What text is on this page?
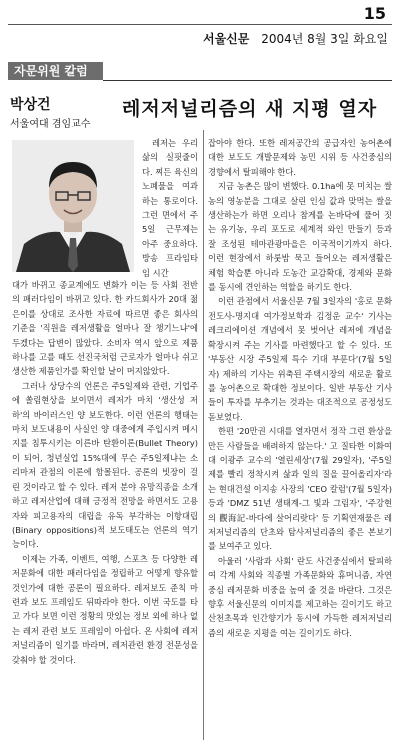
15
서울신문 2004년 8월 3일 화요일
자문위원 칼럼
박상건
서울여대 겸임교수
레저저널리즘의 새 지평 열자

레저는 우리 삶의 실핏줄이다. 찌든 육신의 노폐물을 여과하는 통로이다. 그런 면에서 주5일 근무제는 아주 중요하다. 방송 프라임타임 시간

대가 바뀌고 종교계에도 변화가 이는 등 사회 전반의 패러다임이 바뀌고 있다. 한 카드회사가 20대 젊은이를 상대로 조사한 자료에 따르면 좋은 회사의 기준을 '직원을 레저생활을 얼마나 잘 챙기느냐'에 두겠다는 답변이 많았다. 소비자 역시 앞으로 제품 하나를 고를 때도 선진국처럼 근로자가 얼마나 쉬고 생산한 제품인가를 확인할 날이 머지않았다.

그러나 상당수의 언론은 주5일제와 관련, 기업주에 쏠림현상을 보이면서 레저가 마치 '생산성 저하'의 바이러스인 양 보도한다. 이런 언론의 행태는 마치 보도내용이 사실인 양 대중에게 주입시켜 메시지를 침투시키는 이른바 탄환이론(Bullet Theory)이 되어, 청년실업 15%대에 무슨 주5일제냐는 소리마저 관점의 이론에 함몰된다. 공론의 빗장이 걸린 것이라고 할 수 있다. 레저 분야 유망직종을 소개하고 레저산업에 대해 긍정적 전망을 하면서도 고용자와 피고용자의 대립을 유독 부각하는 이항대립(Binary oppositions)적 보도태도는 언론의 역기능이다.

이제는 가족, 이벤트, 여행, 스포츠 등 다양한 레저문화에 대한 패러다임을 정립하고 어떻게 향유할 것인가에 대한 공론이 필요하다. 레저보도 준칙 마련과 보도 프레임도 뒤따라야 한다. 이번 국도를 타고 가다 보면 이런 정황의 맛있는 정보 외에 하나 없는 레저 관련 보도 프레임이 아쉽다. 온 사회에 레저저널리즘이 일기를 바라며, 레저관련 환경 전문성을 갖춰야 할 것이다.

잡아야 한다. 또한 레저공간의 공급자인 농어촌에 대한 보도도 개발문제와 농민 시위 등 사건중심의 경향에서 탈피해야 한다.

지금 농촌은 많이 변했다. 0.1ha에 못 미치는 쌀농의 영농분을 그대로 살린 인심 값과 맞먹는 쌀을 생산하는가 하면 오리나 참게를 논바닥에 풀어 짓는 유기농, 우리 포도로 세계적 와인 만들기 등과 잘 조성된 테마관광마을은 이국적이기까지 하다. 이런 현장에서 하룻밤 묵고 들어오는 레저생활은 체험 학습뿐 아니라 도농간 교감확대, 경제와 문화를 동시에 견인하는 역할을 하기도 한다.

이런 관점에서 서울신문 7월 3일자의 '홍로 문화 전도사-명지대 여가정보학과 김정운 교수' 기사는 레크리에이션 개념에서 못 벗어난 레저에 개념을 확장시켜 주는 기사를 마련했다고 할 수 있다. 또 '부동산 시장 주5일제 특수 기대 부푼다'(7월 5일자) 제하의 기사는 위축된 주택시장의 새로운 활로를 농어촌으로 확대한 정보이다. 일반 부동산 기사들이 투자를 부추기는 것과는 대조적으로 공정성도 돋보였다.

한편 '20만권 시대를 열자면서 정작 그런 환상을 만든 사람들을 배려하지 않는다.' 고 질타한 이화여대 이광주 교수의 '열린세상'(7월 29일자), '주5일제를 빨리 정착시켜 삶과 일의 질을 끌어올리자'라는 현대건설 이지송 사장의 'CEO 칼럼'(7월 5일자) 등과 'DMZ 51년 생태계-그 빛과 그림자', '주강현의 觀海記-바다에 살어리랏다' 등 기획연재물은 레저저널리즘의 단초와 탐사저널리즘의 좋은 본보기를 보여주고 있다.

아울러 '사람과 사회' 란도 사건중심에서 탈피하여 각계 사회와 직종별 가족문화와 휴머니즘, 자연중심 레저문화 비중을 높여 줄 것을 바란다. 그것은 향후 서울신문의 이미지를 제고하는 길이기도 하고 산천초목과 인간향기가 동시에 가득한 레저저널리즘의 새로운 지평을 여는 길이기도 하다.
